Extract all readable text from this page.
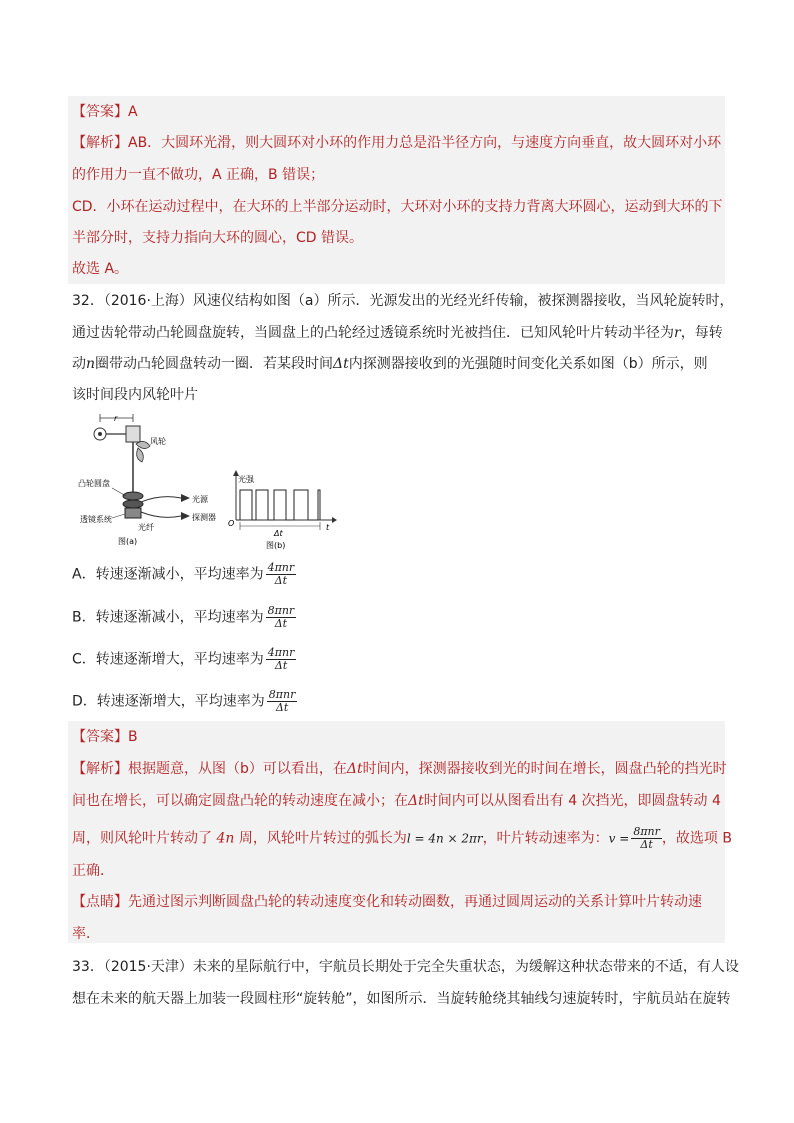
【答案】A
【解析】AB．大圆环光滑，则大圆环对小环的作用力总是沿半径方向，与速度方向垂直，故大圆环对小环
的作用力一直不做功，A 正确，B 错误；
CD．小环在运动过程中，在大环的上半部分运动时，大环对小环的支持力背离大环圆心，运动到大环的下
半部分时，支持力指向大环的圆心，CD 错误。
故选 A。
32．（2016·上海）风速仪结构如图（a）所示．光源发出的光经光纤传输，被探测器接收，当风轮旋转时，
通过齿轮带动凸轮圆盘旋转，当圆盘上的凸轮经过透镜系统时光被挡住．已知风轮叶片转动半径为r，每转
动n圈带动凸轮圆盘转动一圈．若某段时间Δt内探测器接收到的光强随时间变化关系如图（b）所示，则
该时间段内风轮叶片
r
风轮
凸轮圆盘
光源
探测器
透镜系统
光纤
图(a)
光强
O	t
Δt
图(b)
A．转速逐渐减小，平均速率为 $\frac{\text{4πnr}}{\Delta t}$
B．转速逐渐减小，平均速率为 $\frac{\text{8πnr}}{\Delta t}$
C．转速逐渐增大，平均速率为 $\frac{\text{4πnr}}{\Delta t}$
D．转速逐渐增大，平均速率为 $\frac{\text{8πnr}}{\Delta t}$
【答案】B
【解析】根据题意，从图（b）可以看出，在Δt时间内，探测器接收到光的时间在增长，圆盘凸轮的挡光时
间也在增长，可以确定圆盘凸轮的转动速度在减小；在Δt时间内可以从图看出有 4 次挡光，即圆盘转动 4
周，则风轮叶片转动了 4n 周，风轮叶片转过的弧长为l = 4n × 2πr，叶片转动速率为：$v = \frac{\text{8πnr}}{\Delta t}$ ，故选项 B
正确．
【点睛】先通过图示判断圆盘凸轮的转动速度变化和转动圈数，再通过圆周运动的关系计算叶片转动速
率．
33．（2015·天津）未来的星际航行中，宇航员长期处于完全失重状态，为缓解这种状态带来的不适，有人设
想在未来的航天器上加装一段圆柱形“旋转舱”，如图所示．当旋转舱绕其轴线匀速旋转时，宇航员站在旋转
